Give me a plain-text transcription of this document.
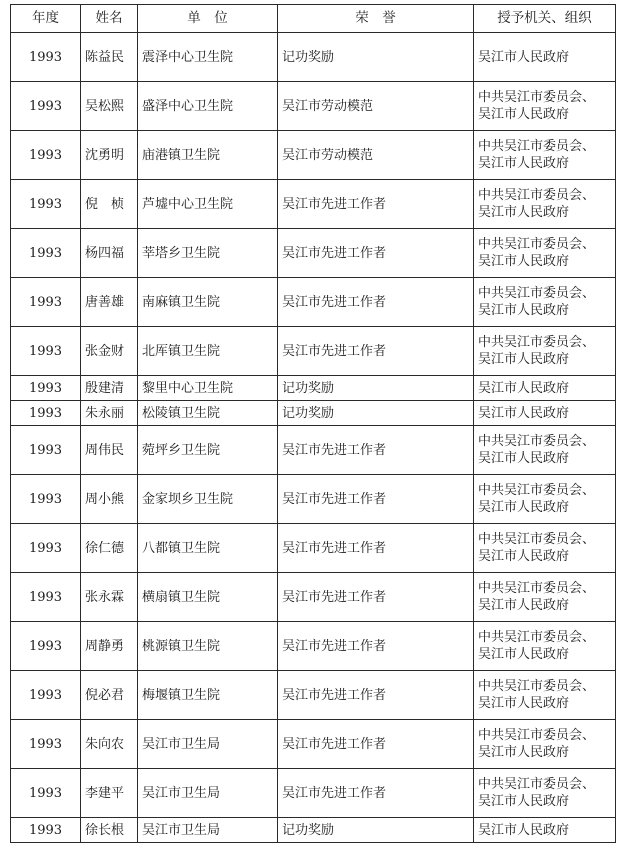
年度	姓名	单　位	荣　誉	授予机关、组织
1993	陈益民	震泽中心卫生院	记功奖励	吴江市人民政府

1993	吴松熙	盛泽中心卫生院	吴江市劳动模范	中共吴江市委员会、
吴江市人民政府

1993	沈勇明	庙港镇卫生院	吴江市劳动模范	中共吴江市委员会、
吴江市人民政府

1993	倪　桢	芦墟中心卫生院	吴江市先进工作者	中共吴江市委员会、
吴江市人民政府

1993	杨四福	莘塔乡卫生院	吴江市先进工作者	中共吴江市委员会、
吴江市人民政府

1993	唐善雄	南麻镇卫生院	吴江市先进工作者	中共吴江市委员会、
吴江市人民政府

1993	张金财	北厍镇卫生院	吴江市先进工作者	中共吴江市委员会、
吴江市人民政府

1993	殷建清	黎里中心卫生院	记功奖励	吴江市人民政府

1993	朱永丽	松陵镇卫生院	记功奖励	吴江市人民政府

1993	周伟民	菀坪乡卫生院	吴江市先进工作者	中共吴江市委员会、
吴江市人民政府

1993	周小熊	金家坝乡卫生院	吴江市先进工作者	中共吴江市委员会、
吴江市人民政府

1993	徐仁德	八都镇卫生院	吴江市先进工作者	中共吴江市委员会、
吴江市人民政府

1993	张永霖	横扇镇卫生院	吴江市先进工作者	中共吴江市委员会、
吴江市人民政府

1993	周静勇	桃源镇卫生院	吴江市先进工作者	中共吴江市委员会、
吴江市人民政府

1993	倪必君	梅堰镇卫生院	吴江市先进工作者	中共吴江市委员会、
吴江市人民政府

1993	朱向农	吴江市卫生局	吴江市先进工作者	中共吴江市委员会、
吴江市人民政府

1993	李建平	吴江市卫生局	吴江市先进工作者	中共吴江市委员会、
吴江市人民政府

1993	徐长根	吴江市卫生局	记功奖励	吴江市人民政府
